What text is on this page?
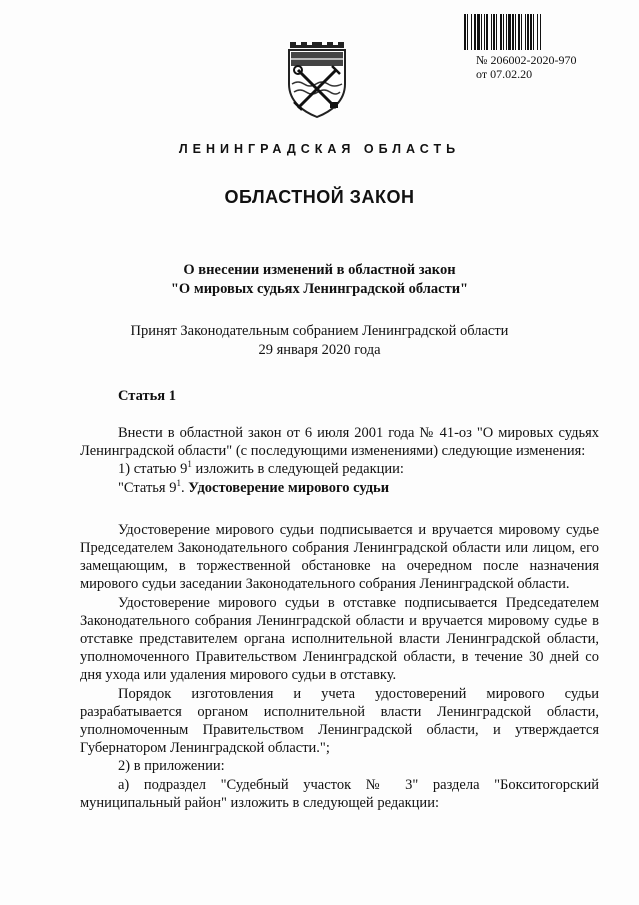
№ 206002-2020-970
от 07.02.20
ЛЕНИНГРАДСКАЯ ОБЛАСТЬ
ОБЛАСТНОЙ ЗАКОН
О внесении изменений в областной закон
"О мировых судьях Ленинградской области"
Принят Законодательным собранием Ленинградской области
29 января 2020 года
Статья 1

Внести в областной закон от 6 июля 2001 года № 41-оз "О мировых судьях Ленинградской области" (с последующими изменениями) следующие изменения:

1) статью $9^1$ изложить в следующей редакции:

"Статья $9^1$. Удостоверение мирового судьи

Удостоверение мирового судьи подписывается и вручается мировому судье Председателем Законодательного собрания Ленинградской области или лицом, его замещающим, в торжественной обстановке на очередном после назначения мирового судьи заседании Законодательного собрания Ленинградской области.

Удостоверение мирового судьи в отставке подписывается Председателем Законодательного собрания Ленинградской области и вручается мировому судье в отставке представителем органа исполнительной власти Ленинградской области, уполномоченного Правительством Ленинградской области, в течение 30 дней со дня ухода или удаления мирового судьи в отставку.

Порядок изготовления и учета удостоверений мирового судьи разрабатывается органом исполнительной власти Ленинградской области, уполномоченным Правительством Ленинградской области, и утверждается Губернатором Ленинградской области.";

2) в приложении:

а) подраздел "Судебный участок № 3" раздела "Бокситогорский муниципальный район" изложить в следующей редакции:
